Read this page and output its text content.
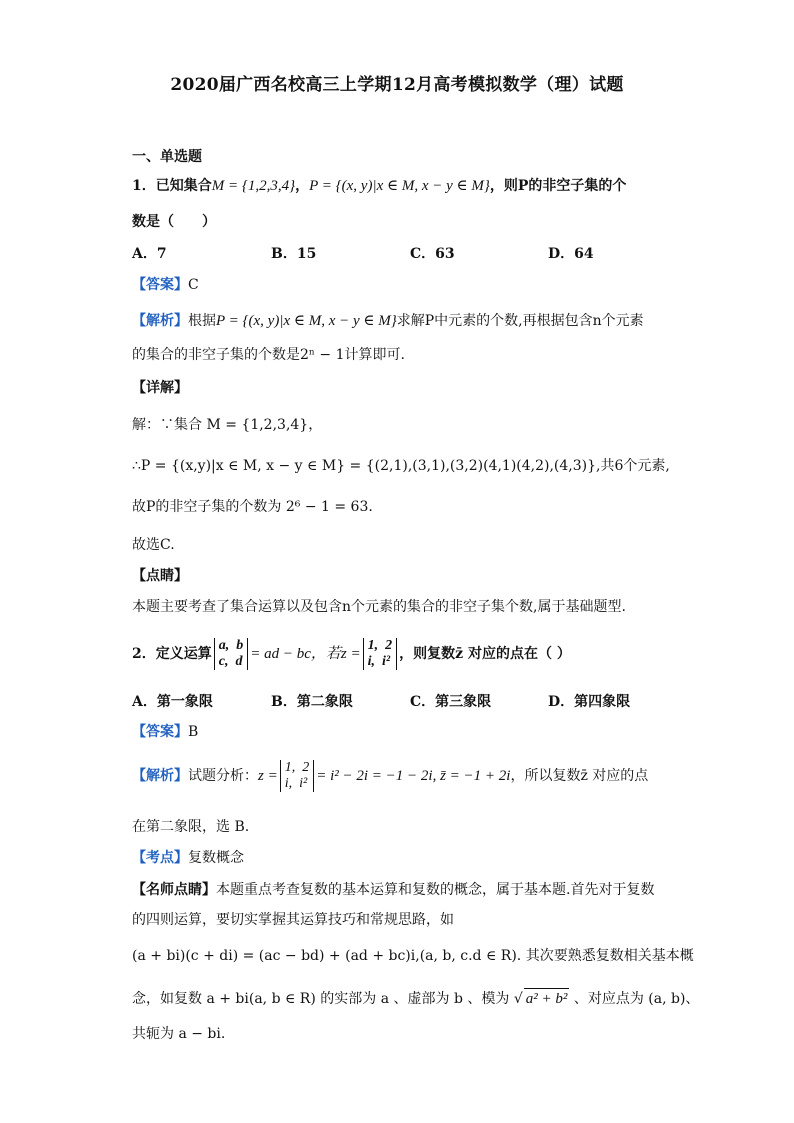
2020届广西名校高三上学期12月高考模拟数学（理）试题
一、单选题
1．已知集合M = {1,2,3,4}，P = {(x, y)|x ∈ M, x − y ∈ M}，则P的非空子集的个
数是（　　）
A．7	B．15	C．63	D．64
【答案】C
【解析】根据P = {(x, y)|x ∈ M, x − y ∈ M}求解P中元素的个数,再根据包含n个元素
的集合的非空子集的个数是2ⁿ − 1计算即可.
【详解】
解：∵集合 M = {1,2,3,4}，
∴P = {(x,y)|x ∈ M, x − y ∈ M} = {(2,1),(3,1),(3,2)(4,1)(4,2),(4,3)},共6个元素,
故P的非空子集的个数为 2⁶ − 1 = 63.
故选C.
【点睛】
本题主要考查了集合运算以及包含n个元素的集合的非空子集个数,属于基础题型.
2．定义运算
a, b
c, d = ad − bc，若z =
1, 2
i, i² ，则复数z̄ 对应的点在（ ）
A．第一象限	B．第二象限	C．第三象限	D．第四象限
【答案】B
【解析】试题分析：z =
1, 2
i, i² = i² − 2i = −1 − 2i, z̄ = −1 + 2i，所以复数z̄ 对应的点
在第二象限，选 B.
【考点】复数概念
【名师点睛】本题重点考查复数的基本运算和复数的概念，属于基本题.首先对于复数
的四则运算，要切实掌握其运算技巧和常规思路，如
(a + bi)(c + di) = (ac − bd) + (ad + bc)i,(a, b, c.d ∈ R). 其次要熟悉复数相关基本概
念，如复数 a + bi(a, b ∈ R) 的实部为 a 、虚部为 b 、模为 √ a² + b² 、对应点为 (a, b)、
共轭为 a − bi.
